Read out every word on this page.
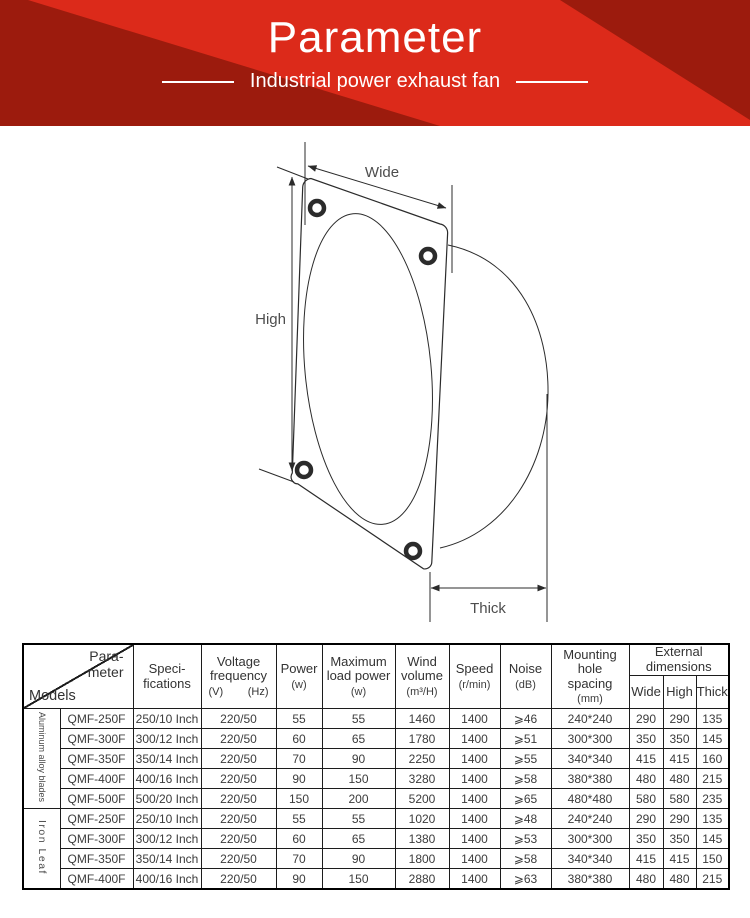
Parameter
Industrial power exhaust fan
Wide
High
Thick
Para-
meter
Models

Speci-
fications

Voltage
frequency
(V) (Hz)

Power
(w)

Maximum
load power
(w)

Wind
volume
(m³/H)

Speed
(r/min)

Noise
(dB)

Mounting
hole
spacing
(mm)

External
dimensions

										Wide	High	Thick
Aluminum alloy blades	QMF-250F	250/10 Inch	220/50	55	55	1460	1400	⩾46	240*240	290	290	135
	QMF-300F	300/12 Inch	220/50	60	65	1780	1400	⩾51	300*300	350	350	145
	QMF-350F	350/14 Inch	220/50	70	90	2250	1400	⩾55	340*340	415	415	160
	QMF-400F	400/16 Inch	220/50	90	150	3280	1400	⩾58	380*380	480	480	215
	QMF-500F	500/20 Inch	220/50	150	200	5200	1400	⩾65	480*480	580	580	235
Iron Leaf	QMF-250F	250/10 Inch	220/50	55	55	1020	1400	⩾48	240*240	290	290	135
	QMF-300F	300/12 Inch	220/50	60	65	1380	1400	⩾53	300*300	350	350	145
	QMF-350F	350/14 Inch	220/50	70	90	1800	1400	⩾58	340*340	415	415	150
	QMF-400F	400/16 Inch	220/50	90	150	2880	1400	⩾63	380*380	480	480	215
